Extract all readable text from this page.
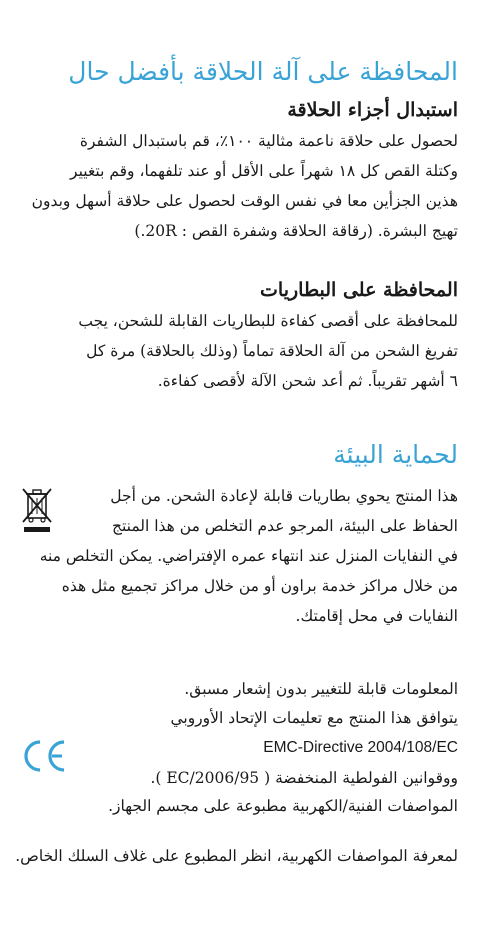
المحافظة على آلة الحلاقة بأفضل حال
استبدال أجزاء الحلاقة
لحصول على حلاقة ناعمة مثالية ١٠٠٪، قم باستبدال الشفرة
وكتلة القص كل ١٨ شهراً على الأقل أو عند تلفهما، وقم بتغيير
هذين الجزأين معا في نفس الوقت لحصول على حلاقة أسهل وبدون
تهيج البشرة. (رقاقة الحلاقة وشفرة القص : 20R.)
المحافظة على البطاريات
للمحافظة على أقصى كفاءة للبطاريات القابلة للشحن، يجب
تفريغ الشحن من آلة الحلاقة تماماً (وذلك بالحلاقة) مرة كل
٦ أشهر تقريباً. ثم أعد شحن الآلة لأقصى كفاءة.
لحماية البيئة
هذا المنتج يحوي بطاريات قابلة لإعادة الشحن. من أجل
الحفاظ على البيئة، المرجو عدم التخلص من هذا المنتج
في النفايات المنزل عند انتهاء عمره الإفتراضي. يمكن التخلص منه
من خلال مراكز خدمة براون أو من خلال مراكز تجميع مثل هذه
النفايات في محل إقامتك.
المعلومات قابلة للتغيير بدون إشعار مسبق.
يتوافق هذا المنتج مع تعليمات الإتحاد الأوروبي
EMC-Directive 2004/108/EC
ووقوانين الفولطية المنخفضة ( 2006/95/EC ).
المواصفات الفنية/الكهربية مطبوعة على مجسم الجهاز.
لمعرفة المواصفات الكهربية، انظر المطبوع على غلاف السلك الخاص.
